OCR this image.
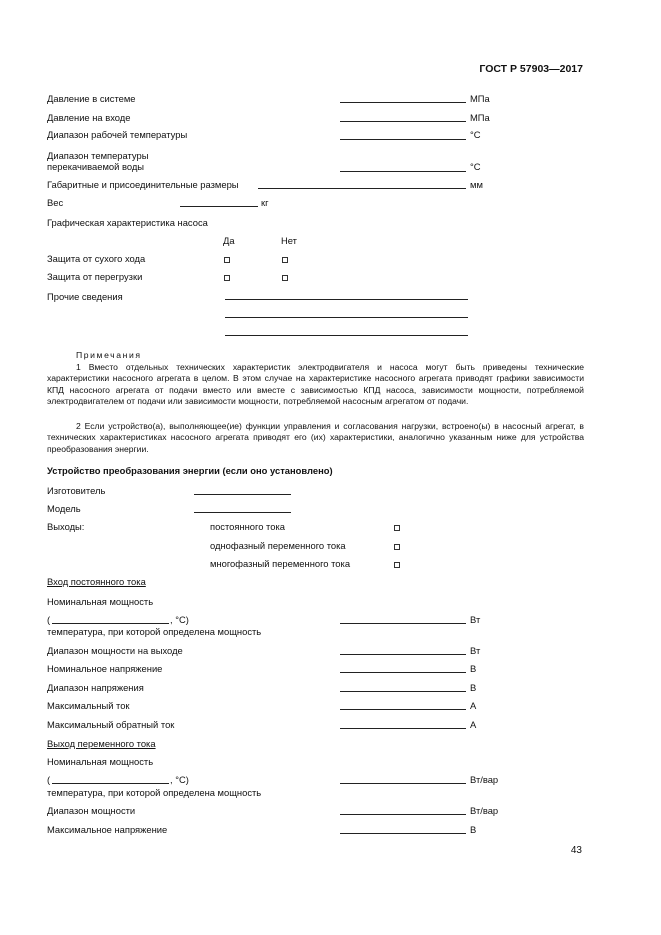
ГОСТ Р 57903—2017
Давление в системе	МПа
Давление на входе	МПа
Диапазон рабочей температуры	°С
Диапазон температуры
перекачиваемой воды	°С
Габаритные и присоединительные размеры	мм
Вес	кг
Графическая характеристика насоса
Да	Нет
Защита от сухого хода
Защита от перегрузки
Прочие сведения
Примечания
1 Вместо отдельных технических характеристик электродвигателя и насоса могут быть приведены технические характеристики насосного агрегата в целом. В этом случае на характеристике насосного агрегата приводят графики зависимости КПД насосного агрегата от подачи вместо или вместе с зависимостью КПД насоса, зависимости мощности, потребляемой электродвигателем от подачи или зависимости мощности, потребляемой насосным агрегатом от подачи.
2 Если устройство(а), выполняющее(ие) функции управления и согласования нагрузки, встроено(ы) в насосный агрегат, в технических характеристиках насосного агрегата приводят его (их) характеристики, аналогично указанным ниже для устройства преобразования энергии.
Устройство преобразования энергии (если оно установлено)
Изготовитель
Модель
Выходы:	постоянного тока
однофазный переменного тока
многофазный переменного тока
Вход постоянного тока
Номинальная мощность
(	, °С)	Вт
температура, при которой определена мощность
Диапазон мощности на выходе	Вт
Номинальное напряжение	В
Диапазон напряжения	В
Максимальный ток	А
Максимальный обратный ток	А
Выход переменного тока
Номинальная мощность
(	, °С)	Вт/вар
температура, при которой определена мощность
Диапазон мощности	Вт/вар
Максимальное напряжение	В
43
